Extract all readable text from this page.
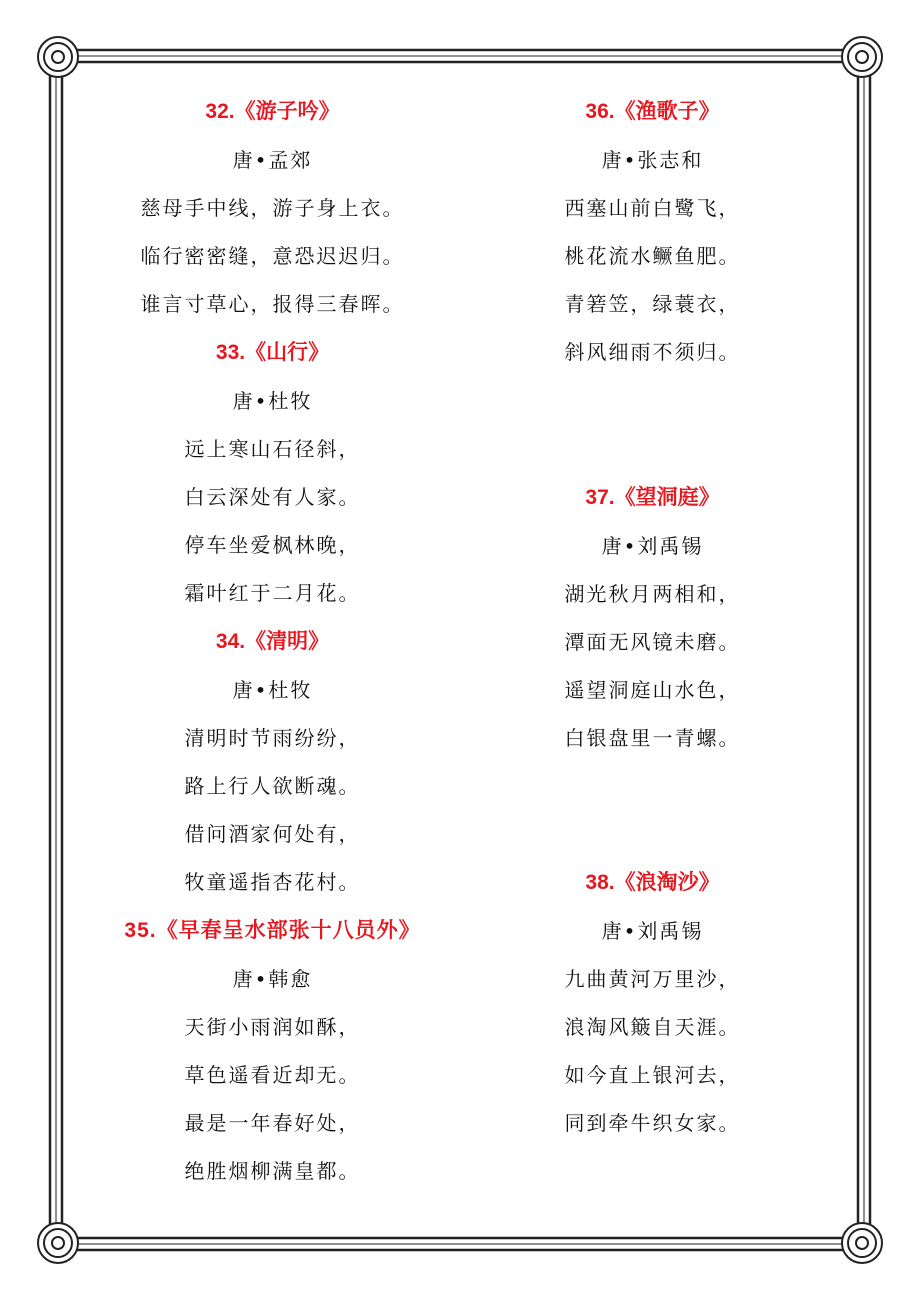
32.《游子吟》
唐•孟郊
慈母手中线，游子身上衣。
临行密密缝，意恐迟迟归。
谁言寸草心，报得三春晖。
33.《山行》
唐•杜牧
远上寒山石径斜，
白云深处有人家。
停车坐爱枫林晚，
霜叶红于二月花。
34.《清明》
唐•杜牧
清明时节雨纷纷，
路上行人欲断魂。
借问酒家何处有，
牧童遥指杏花村。
35.《早春呈水部张十八员外》
唐•韩愈
天街小雨润如酥，
草色遥看近却无。
最是一年春好处，
绝胜烟柳满皇都。
36.《渔歌子》
唐•张志和
西塞山前白鹭飞，
桃花流水鳜鱼肥。
青箬笠，绿蓑衣，
斜风细雨不须归。
37.《望洞庭》
唐•刘禹锡
湖光秋月两相和，
潭面无风镜未磨。
遥望洞庭山水色，
白银盘里一青螺。
38.《浪淘沙》
唐•刘禹锡
九曲黄河万里沙，
浪淘风簸自天涯。
如今直上银河去，
同到牵牛织女家。
